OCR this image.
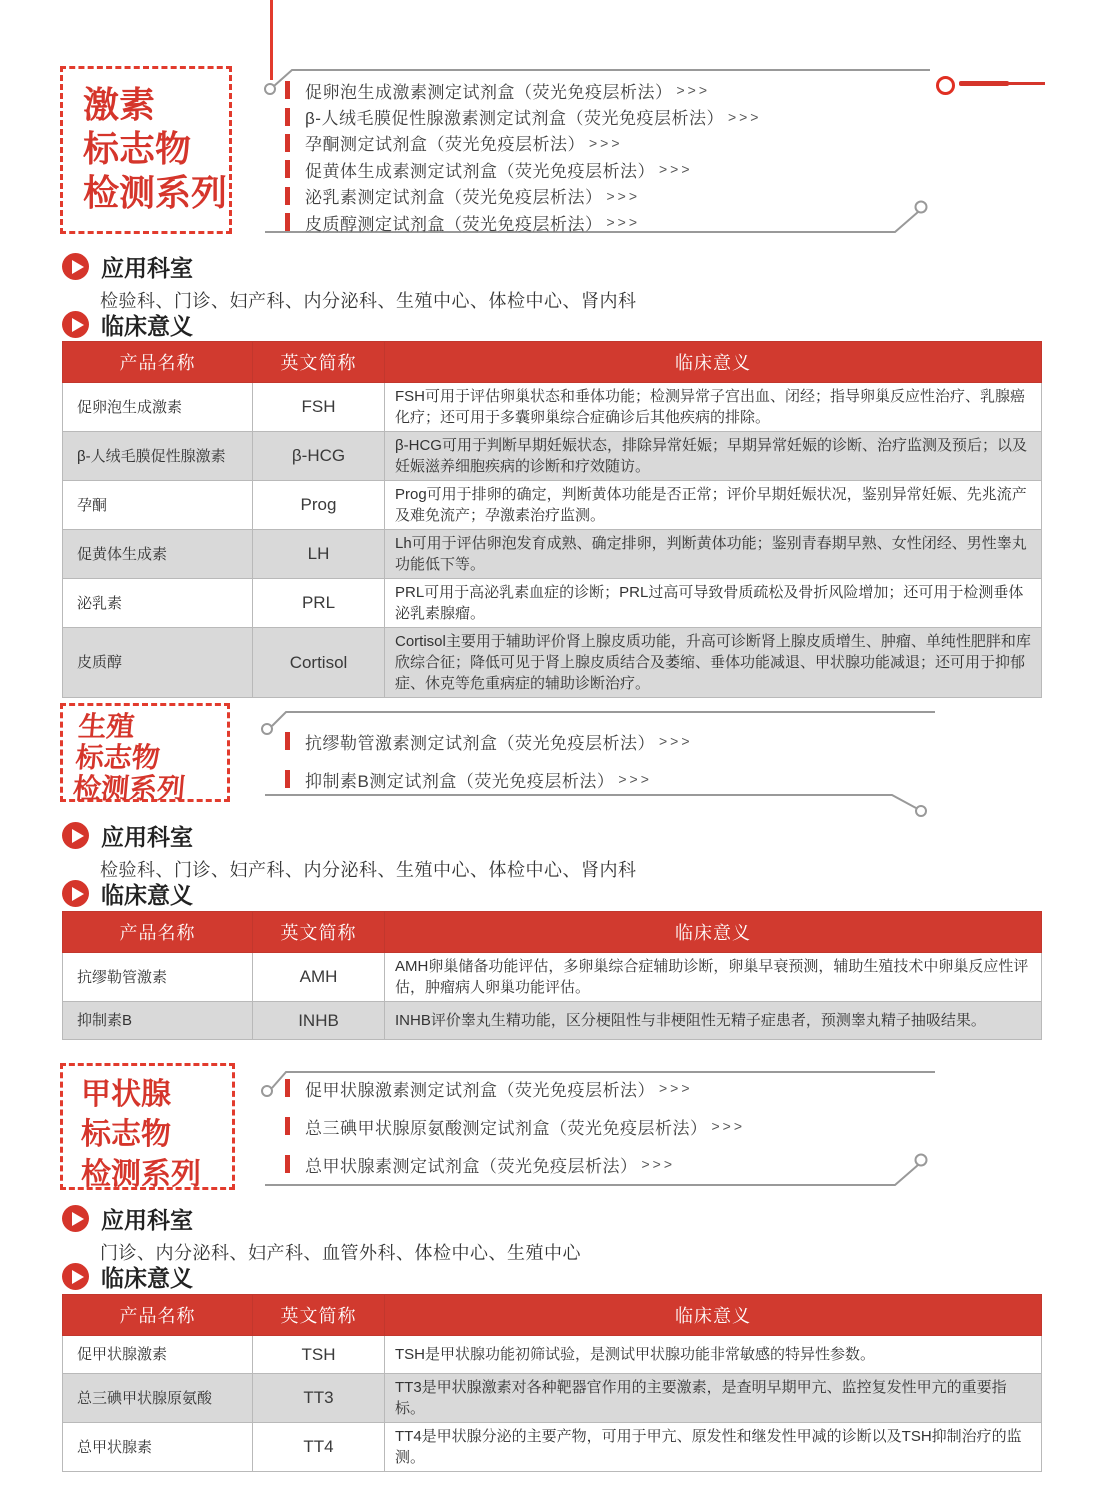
激素
标志物
检测系列
促卵泡生成激素测定试剂盒（荧光免疫层析法） >>>
β-人绒毛膜促性腺激素测定试剂盒（荧光免疫层析法） >>>
孕酮测定试剂盒（荧光免疫层析法） >>>
促黄体生成素测定试剂盒（荧光免疫层析法） >>>
泌乳素测定试剂盒（荧光免疫层析法） >>>
皮质醇测定试剂盒（荧光免疫层析法） >>>
应用科室
检验科、门诊、妇产科、内分泌科、生殖中心、体检中心、肾内科
临床意义
产品名称	英文简称	临床意义
促卵泡生成激素	FSH	FSH可用于评估卵巢状态和垂体功能；检测异常子宫出血、闭经；指导卵巢反应性治疗、乳腺癌化疗；还可用于多囊卵巢综合症确诊后其他疾病的排除。
β-人绒毛膜促性腺激素	β-HCG	β-HCG可用于判断早期妊娠状态，排除异常妊娠；早期异常妊娠的诊断、治疗监测及预后；以及妊娠滋养细胞疾病的诊断和疗效随访。
孕酮	Prog	Prog可用于排卵的确定，判断黄体功能是否正常；评价早期妊娠状况，鉴别异常妊娠、先兆流产及难免流产；孕激素治疗监测。
促黄体生成素	LH	Lh可用于评估卵泡发育成熟、确定排卵，判断黄体功能；鉴别青春期早熟、女性闭经、男性睾丸功能低下等。
泌乳素	PRL	PRL可用于高泌乳素血症的诊断；PRL过高可导致骨质疏松及骨折风险增加；还可用于检测垂体泌乳素腺瘤。
皮质醇	Cortisol	Cortisol主要用于辅助评价肾上腺皮质功能，升高可诊断肾上腺皮质增生、肿瘤、单纯性肥胖和库欣综合征；降低可见于肾上腺皮质结合及萎缩、垂体功能减退、甲状腺功能减退；还可用于抑郁症、休克等危重病症的辅助诊断治疗。
生殖
标志物
检测系列
抗缪勒管激素测定试剂盒（荧光免疫层析法） >>>
抑制素B测定试剂盒（荧光免疫层析法） >>>
应用科室
检验科、门诊、妇产科、内分泌科、生殖中心、体检中心、肾内科
临床意义
产品名称	英文简称	临床意义
抗缪勒管激素	AMH	AMH卵巢储备功能评估，多卵巢综合症辅助诊断，卵巢早衰预测，辅助生殖技术中卵巢反应性评估，肿瘤病人卵巢功能评估。
抑制素B	INHB	INHB评价睾丸生精功能，区分梗阻性与非梗阻性无精子症患者，预测睾丸精子抽吸结果。
甲状腺
标志物
检测系列
促甲状腺激素测定试剂盒（荧光免疫层析法） >>>
总三碘甲状腺原氨酸测定试剂盒（荧光免疫层析法） >>>
总甲状腺素测定试剂盒（荧光免疫层析法） >>>
应用科室
门诊、内分泌科、妇产科、血管外科、体检中心、生殖中心
临床意义
产品名称	英文简称	临床意义
促甲状腺激素	TSH	TSH是甲状腺功能初筛试验，是测试甲状腺功能非常敏感的特异性参数。
总三碘甲状腺原氨酸	TT3	TT3是甲状腺激素对各种靶器官作用的主要激素，是查明早期甲亢、监控复发性甲亢的重要指标。
总甲状腺素	TT4	TT4是甲状腺分泌的主要产物，可用于甲亢、原发性和继发性甲减的诊断以及TSH抑制治疗的监测。
